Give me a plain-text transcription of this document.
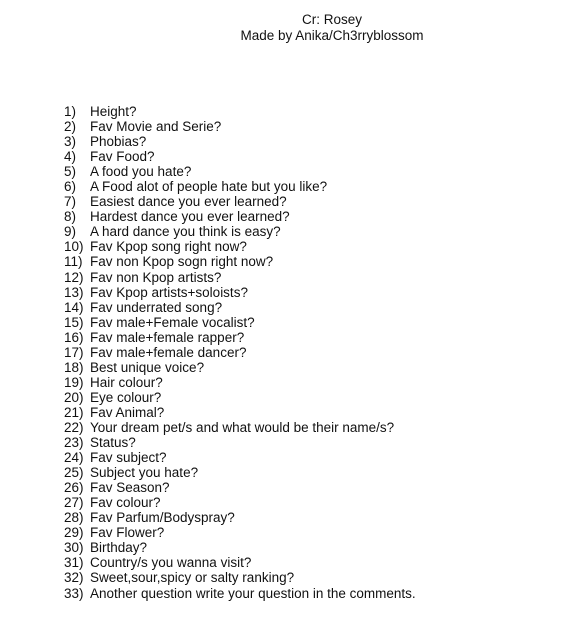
Cr: Rosey
Made by Anika/Ch3rryblossom
1)	Height?
2)	Fav Movie and Serie?
3)	Phobias?
4)	Fav Food?
5)	A food you hate?
6)	A Food alot of people hate but you like?
7)	Easiest dance you ever learned?
8)	Hardest dance you ever learned?
9)	A hard dance you think is easy?
10) Fav Kpop song right now?
11) Fav non Kpop sogn right now?
12) Fav non Kpop artists?
13) Fav Kpop artists+soloists?
14) Fav underrated song?
15) Fav male+Female vocalist?
16) Fav male+female rapper?
17) Fav male+female dancer?
18) Best unique voice?
19) Hair colour?
20) Eye colour?
21) Fav Animal?
22) Your dream pet/s and what would be their name/s?
23) Status?
24) Fav subject?
25) Subject you hate?
26) Fav Season?
27) Fav colour?
28) Fav Parfum/Bodyspray?
29) Fav Flower?
30) Birthday?
31) Country/s you wanna visit?
32) Sweet,sour,spicy or salty ranking?
33) Another question write your question in the comments.
